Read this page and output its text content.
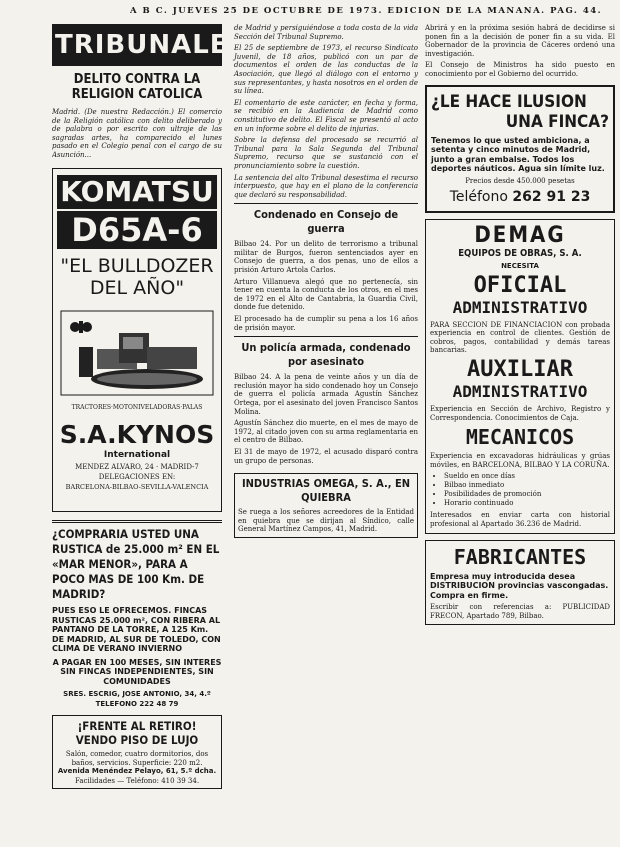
A B C. JUEVES 25 DE OCTUBRE DE 1973. EDICION DE LA MAÑANA. PAG. 44.
TRIBUNALES
DELITO CONTRA LA RELIGION CATOLICA
Madrid. (De nuestra Redacción.) El comercio de la Religión católica con delito deliberado y de palabra o por escrito con ultraje de las sagradas artes, ha comparecido el lunes pasado en el Colegio penal con el cargo de su Asunción...
KOMATSU
D65A-6
"EL BULLDOZER
DEL AÑO"
TRACTORES·MOTONIVELADORAS·PALAS
S.A.KYNOS
International
MENDEZ ALVARO, 24 · MADRID-7
DELEGACIONES EN:
BARCELONA-BILBAO-SEVILLA-VALENCIA
¿COMPRARIA USTED UNA RUSTICA de 25.000 m² EN EL «MAR MENOR», PARA A POCO MAS DE 100 Km. DE MADRID?
PUES ESO LE OFRECEMOS. FINCAS RUSTICAS 25.000 m², CON RIBERA AL PANTANO DE LA TORRE, A 125 Km. DE MADRID, AL SUR DE TOLEDO, CON CLIMA DE VERANO INVIERNO
A PAGAR EN 100 MESES, SIN INTERES SIN FINCAS INDEPENDIENTES, SIN COMUNIDADES
SRES. ESCRIG, JOSE ANTONIO, 34, 4.º TELEFONO 222 48 79
¡FRENTE AL RETIRO! VENDO PISO DE LUJO
Salón, comedor, cuatro dormitorios, dos baños, servicios. Superficie: 220 m2.
Avenida Menéndez Pelayo, 61, 5.º dcha.
Facilidades — Teléfono: 410 39 34.
de Madrid y persiguiéndose a toda costa de la vida Sección del Tribunal Supremo.
El 25 de septiembre de 1973, el recurso Sindicato Juvenil, de 18 años, publicó con un par de documentos el orden de las conductas de la Asociación, que llegó al diálogo con el entorno y sus representantes, y hasta nosotros en el orden de su línea.
El comentario de este carácter, en fecha y forma, se recibió en la Audiencia de Madrid como constitutivo de delito. El Fiscal se presentó al acto en un informe sobre el delito de injurias.
Sobre la defensa del procesado se recurrió al Tribunal para la Sala Segunda del Tribunal Supremo, recurso que se sustanció con el pronunciamiento sobre la cuestión.
La sentencia del alto Tribunal desestima el recurso interpuesto, que hay en el plano de la conferencia que declaró su responsabilidad.
Condenado en Consejo de guerra
Bilbao 24. Por un delito de terrorismo a tribunal militar de Burgos, fueron sentenciados ayer en Consejo de guerra, a dos penas, uno de ellos a prisión Arturo Artola Carlos.
Arturo Villanueva alegó que no pertenecía, sin tener en cuenta la conducta de los otros, en el mes de 1972 en el Alto de Cantabria, la Guardia Civil, donde fue detenido.
El procesado ha de cumplir su pena a los 16 años de prisión mayor.
Un policía armada, condenado por asesinato
Bilbao 24. A la pena de veinte años y un día de reclusión mayor ha sido condenado hoy un Consejo de guerra el policía armada Agustín Sánchez Ortega, por el asesinato del joven Francisco Santos Molina.
Agustín Sánchez dio muerte, en el mes de mayo de 1972, al citado joven con su arma reglamentaria en el centro de Bilbao.
El 31 de mayo de 1972, el acusado disparó contra un grupo de personas.
INDUSTRIAS OMEGA, S. A., EN QUIEBRA
Se ruega a los señores acreedores de la Entidad en quiebra que se dirijan al Síndico, calle General Martínez Campos, 41, Madrid.
Abrirá y en la próxima sesión habrá de decidirse si ponen fin a la decisión de poner fin a su vida. El Gobernador de la provincia de Cáceres ordenó una investigación.
El Consejo de Ministros ha sido puesto en conocimiento por el Gobierno del ocurrido.
¿LE HACE ILUSION
UNA FINCA?
Tenemos lo que usted ambiciona, a setenta y cinco minutos de Madrid, junto a gran embalse. Todos los deportes náuticos. Agua sin límite luz.
Precios desde 450.000 pesetas
Teléfono 262 91 23
DEMAG
EQUIPOS DE OBRAS, S. A.
NECESITA
OFICIAL
ADMINISTRATIVO
PARA SECCION DE FINANCIACION con probada experiencia en control de clientes. Gestión de cobros, pagos, contabilidad y demás tareas bancarias.
AUXILIAR
ADMINISTRATIVO
Experiencia en Sección de Archivo, Registro y Correspondencia. Conocimientos de Caja.
MECANICOS
Experiencia en excavadoras hidráulicas y grúas móviles, en BARCELONA, BILBAO Y LA CORUÑA.
• Sueldo en once días
• Bilbao inmediato
• Posibilidades de promoción
• Horario continuado
Interesados en enviar carta con historial profesional al Apartado 36.236 de Madrid.
FABRICANTES
Empresa muy introducida desea DISTRIBUCION provincias vascongadas. Compra en firme.
Escribir con referencias a: PUBLICIDAD FRECON, Apartado 789, Bilbao.
